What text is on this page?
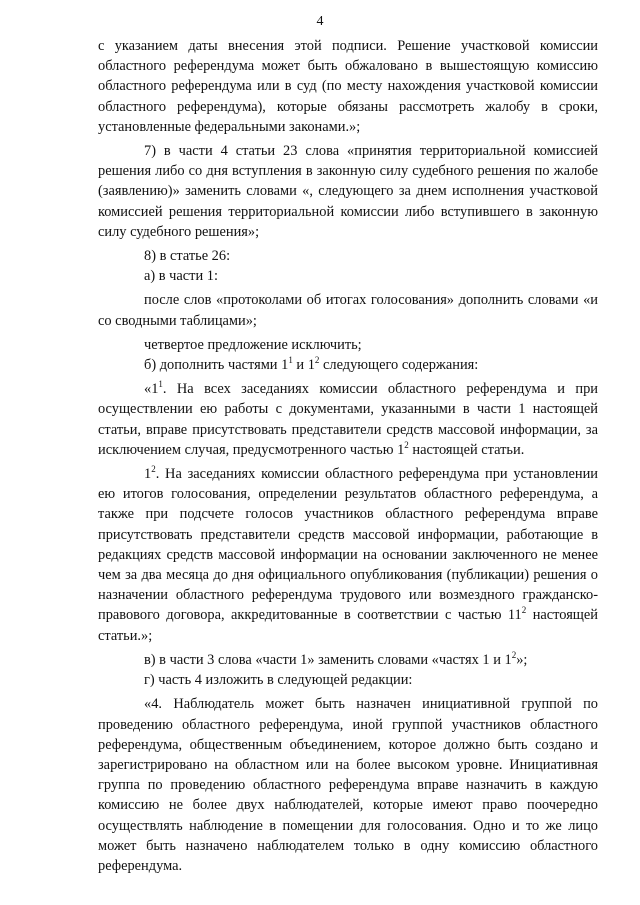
4

с указанием даты внесения этой подписи. Решение участковой комиссии областного референдума может быть обжаловано в вышестоящую комиссию областного референдума или в суд (по месту нахождения участковой комиссии областного референдума), которые обязаны рассмотреть жалобу в сроки, установленные федеральными законами.»;

7) в части 4 статьи 23 слова «принятия территориальной комиссией решения либо со дня вступления в законную силу судебного решения по жалобе (заявлению)» заменить словами «, следующего за днем исполнения участковой комиссией решения территориальной комиссии либо вступившего в законную силу судебного решения»;

8) в статье 26:

а) в части 1:

после слов «протоколами об итогах голосования» дополнить словами «и со сводными таблицами»;

четвертое предложение исключить;

б) дополнить частями $1^1$ и $1^2$ следующего содержания:

«$1^1$. На всех заседаниях комиссии областного референдума и при осуществлении ею работы с документами, указанными в части 1 настоящей статьи, вправе присутствовать представители средств массовой информации, за исключением случая, предусмотренного частью $1^2$ настоящей статьи.

$1^2$. На заседаниях комиссии областного референдума при установлении ею итогов голосования, определении результатов областного референдума, а также при подсчете голосов участников областного референдума вправе присутствовать представители средств массовой информации, работающие в редакциях средств массовой информации на основании заключенного не менее чем за два месяца до дня официального опубликования (публикации) решения о назначении областного референдума трудового или возмездного гражданско-правового договора, аккредитованные в соответствии с частью $11^2$ настоящей статьи.»;

в) в части 3 слова «части 1» заменить словами «частях 1 и $1^2$»;

г) часть 4 изложить в следующей редакции:

«4. Наблюдатель может быть назначен инициативной группой по проведению областного референдума, иной группой участников областного референдума, общественным объединением, которое должно быть создано и зарегистрировано на областном или на более высоком уровне. Инициативная группа по проведению областного референдума вправе назначить в каждую комиссию не более двух наблюдателей, которые имеют право поочередно осуществлять наблюдение в помещении для голосования. Одно и то же лицо может быть назначено наблюдателем только в одну комиссию областного референдума.
